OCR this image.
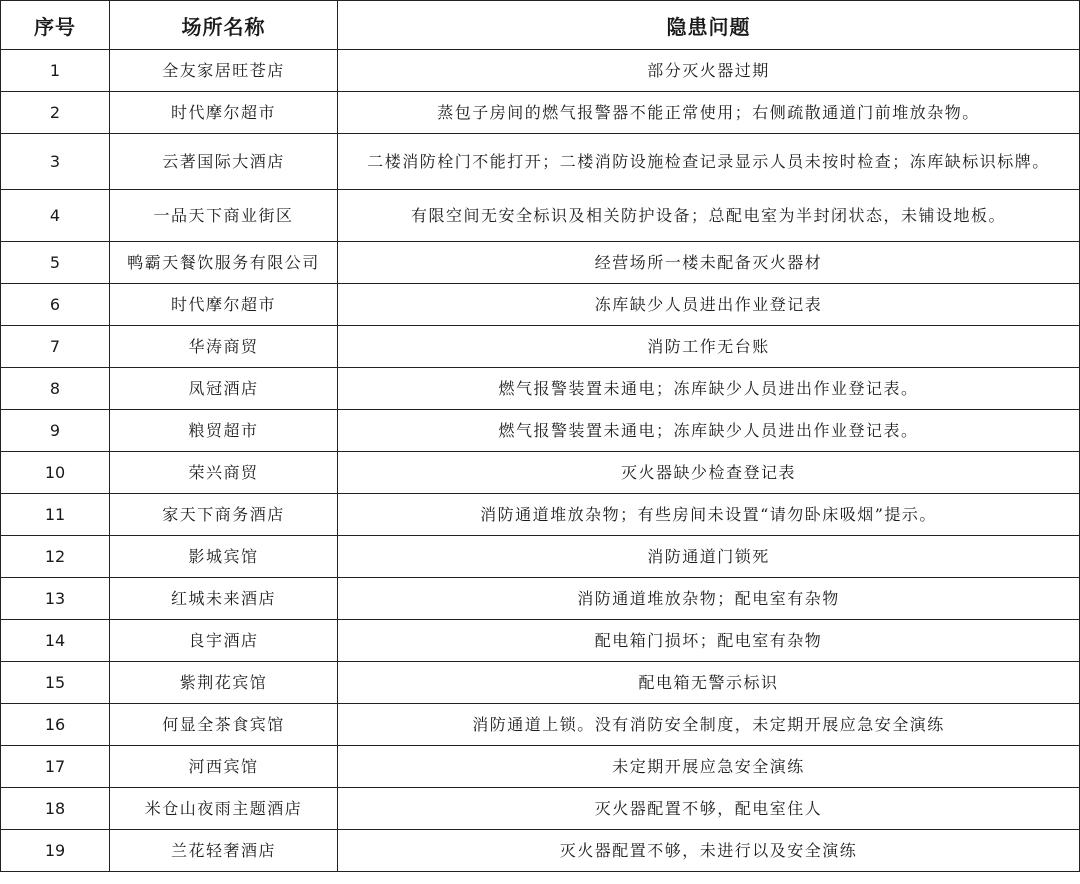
序号	场所名称	隐患问题
1	全友家居旺苍店	部分灭火器过期
2	时代摩尔超市	蒸包子房间的燃气报警器不能正常使用；右侧疏散通道门前堆放杂物。
3	云著国际大酒店	二楼消防栓门不能打开；二楼消防设施检查记录显示人员未按时检查；冻库缺标识标牌。
4	一品天下商业街区	有限空间无安全标识及相关防护设备；总配电室为半封闭状态，未铺设地板。
5	鸭霸天餐饮服务有限公司	经营场所一楼未配备灭火器材
6	时代摩尔超市	冻库缺少人员进出作业登记表
7	华涛商贸	消防工作无台账
8	凤冠酒店	燃气报警装置未通电；冻库缺少人员进出作业登记表。
9	粮贸超市	燃气报警装置未通电；冻库缺少人员进出作业登记表。
10	荣兴商贸	灭火器缺少检查登记表
11	家天下商务酒店	消防通道堆放杂物；有些房间未设置“请勿卧床吸烟”提示。
12	影城宾馆	消防通道门锁死
13	红城未来酒店	消防通道堆放杂物；配电室有杂物
14	良宇酒店	配电箱门损坏；配电室有杂物
15	紫荆花宾馆	配电箱无警示标识
16	何显全茶食宾馆	消防通道上锁。没有消防安全制度，未定期开展应急安全演练
17	河西宾馆	未定期开展应急安全演练
18	米仓山夜雨主题酒店	灭火器配置不够，配电室住人
19	兰花轻奢酒店	灭火器配置不够，未进行以及安全演练
